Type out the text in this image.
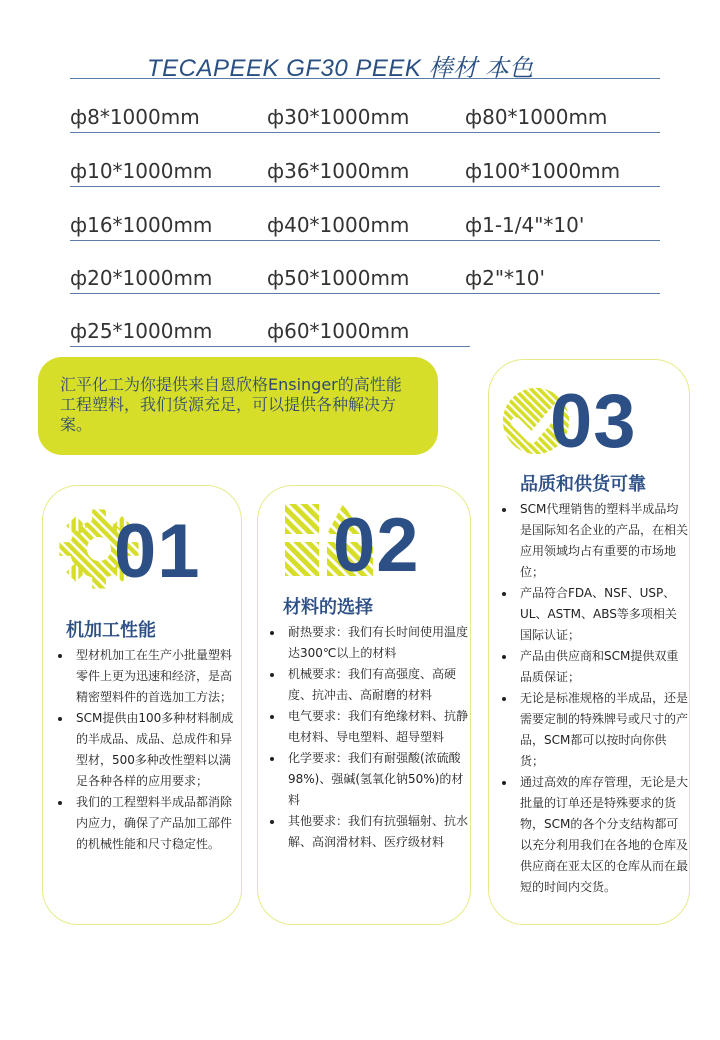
TECAPEEK GF30 PEEK 棒材 本色
ф8*1000mm	ф30*1000mm	ф80*1000mm
ф10*1000mm	ф36*1000mm	ф100*1000mm
ф16*1000mm	ф40*1000mm	ф1-1/4"*10'
ф20*1000mm	ф50*1000mm	ф2"*10'
ф25*1000mm	ф60*1000mm
汇平化工为你提供来自恩欣格Ensinger的高性能工程塑料，我们货源充足，可以提供各种解决方案。
01
机加工性能
• 型材机加工在生产小批量塑料零件上更为迅速和经济，是高精密塑料件的首选加工方法；
• SCM提供由100多种材料制成的半成品、成品、总成件和异型材，500多种改性塑料以满足各种各样的应用要求；
• 我们的工程塑料半成品都消除内应力，确保了产品加工部件的机械性能和尺寸稳定性。
02
材料的选择
• 耐热要求：我们有长时间使用温度达300℃以上的材料
• 机械要求：我们有高强度、高硬度、抗冲击、高耐磨的材料
• 电气要求：我们有绝缘材料、抗静电材料、导电塑料、超导塑料
• 化学要求：我们有耐强酸(浓硫酸98%)、强碱(氢氧化钠50%)的材料
• 其他要求：我们有抗强辐射、抗水解、高润滑材料、医疗级材料
03
品质和供货可靠
• SCM代理销售的塑料半成品均是国际知名企业的产品，在相关应用领域均占有重要的市场地位；
• 产品符合FDA、NSF、USP、UL、ASTM、ABS等多项相关国际认证；
• 产品由供应商和SCM提供双重品质保证；
• 无论是标准规格的半成品，还是需要定制的特殊牌号或尺寸的产品，SCM都可以按时向你供货；
• 通过高效的库存管理，无论是大批量的订单还是特殊要求的货物，SCM的各个分支结构都可以充分利用我们在各地的仓库及供应商在亚太区的仓库从而在最短的时间内交货。
